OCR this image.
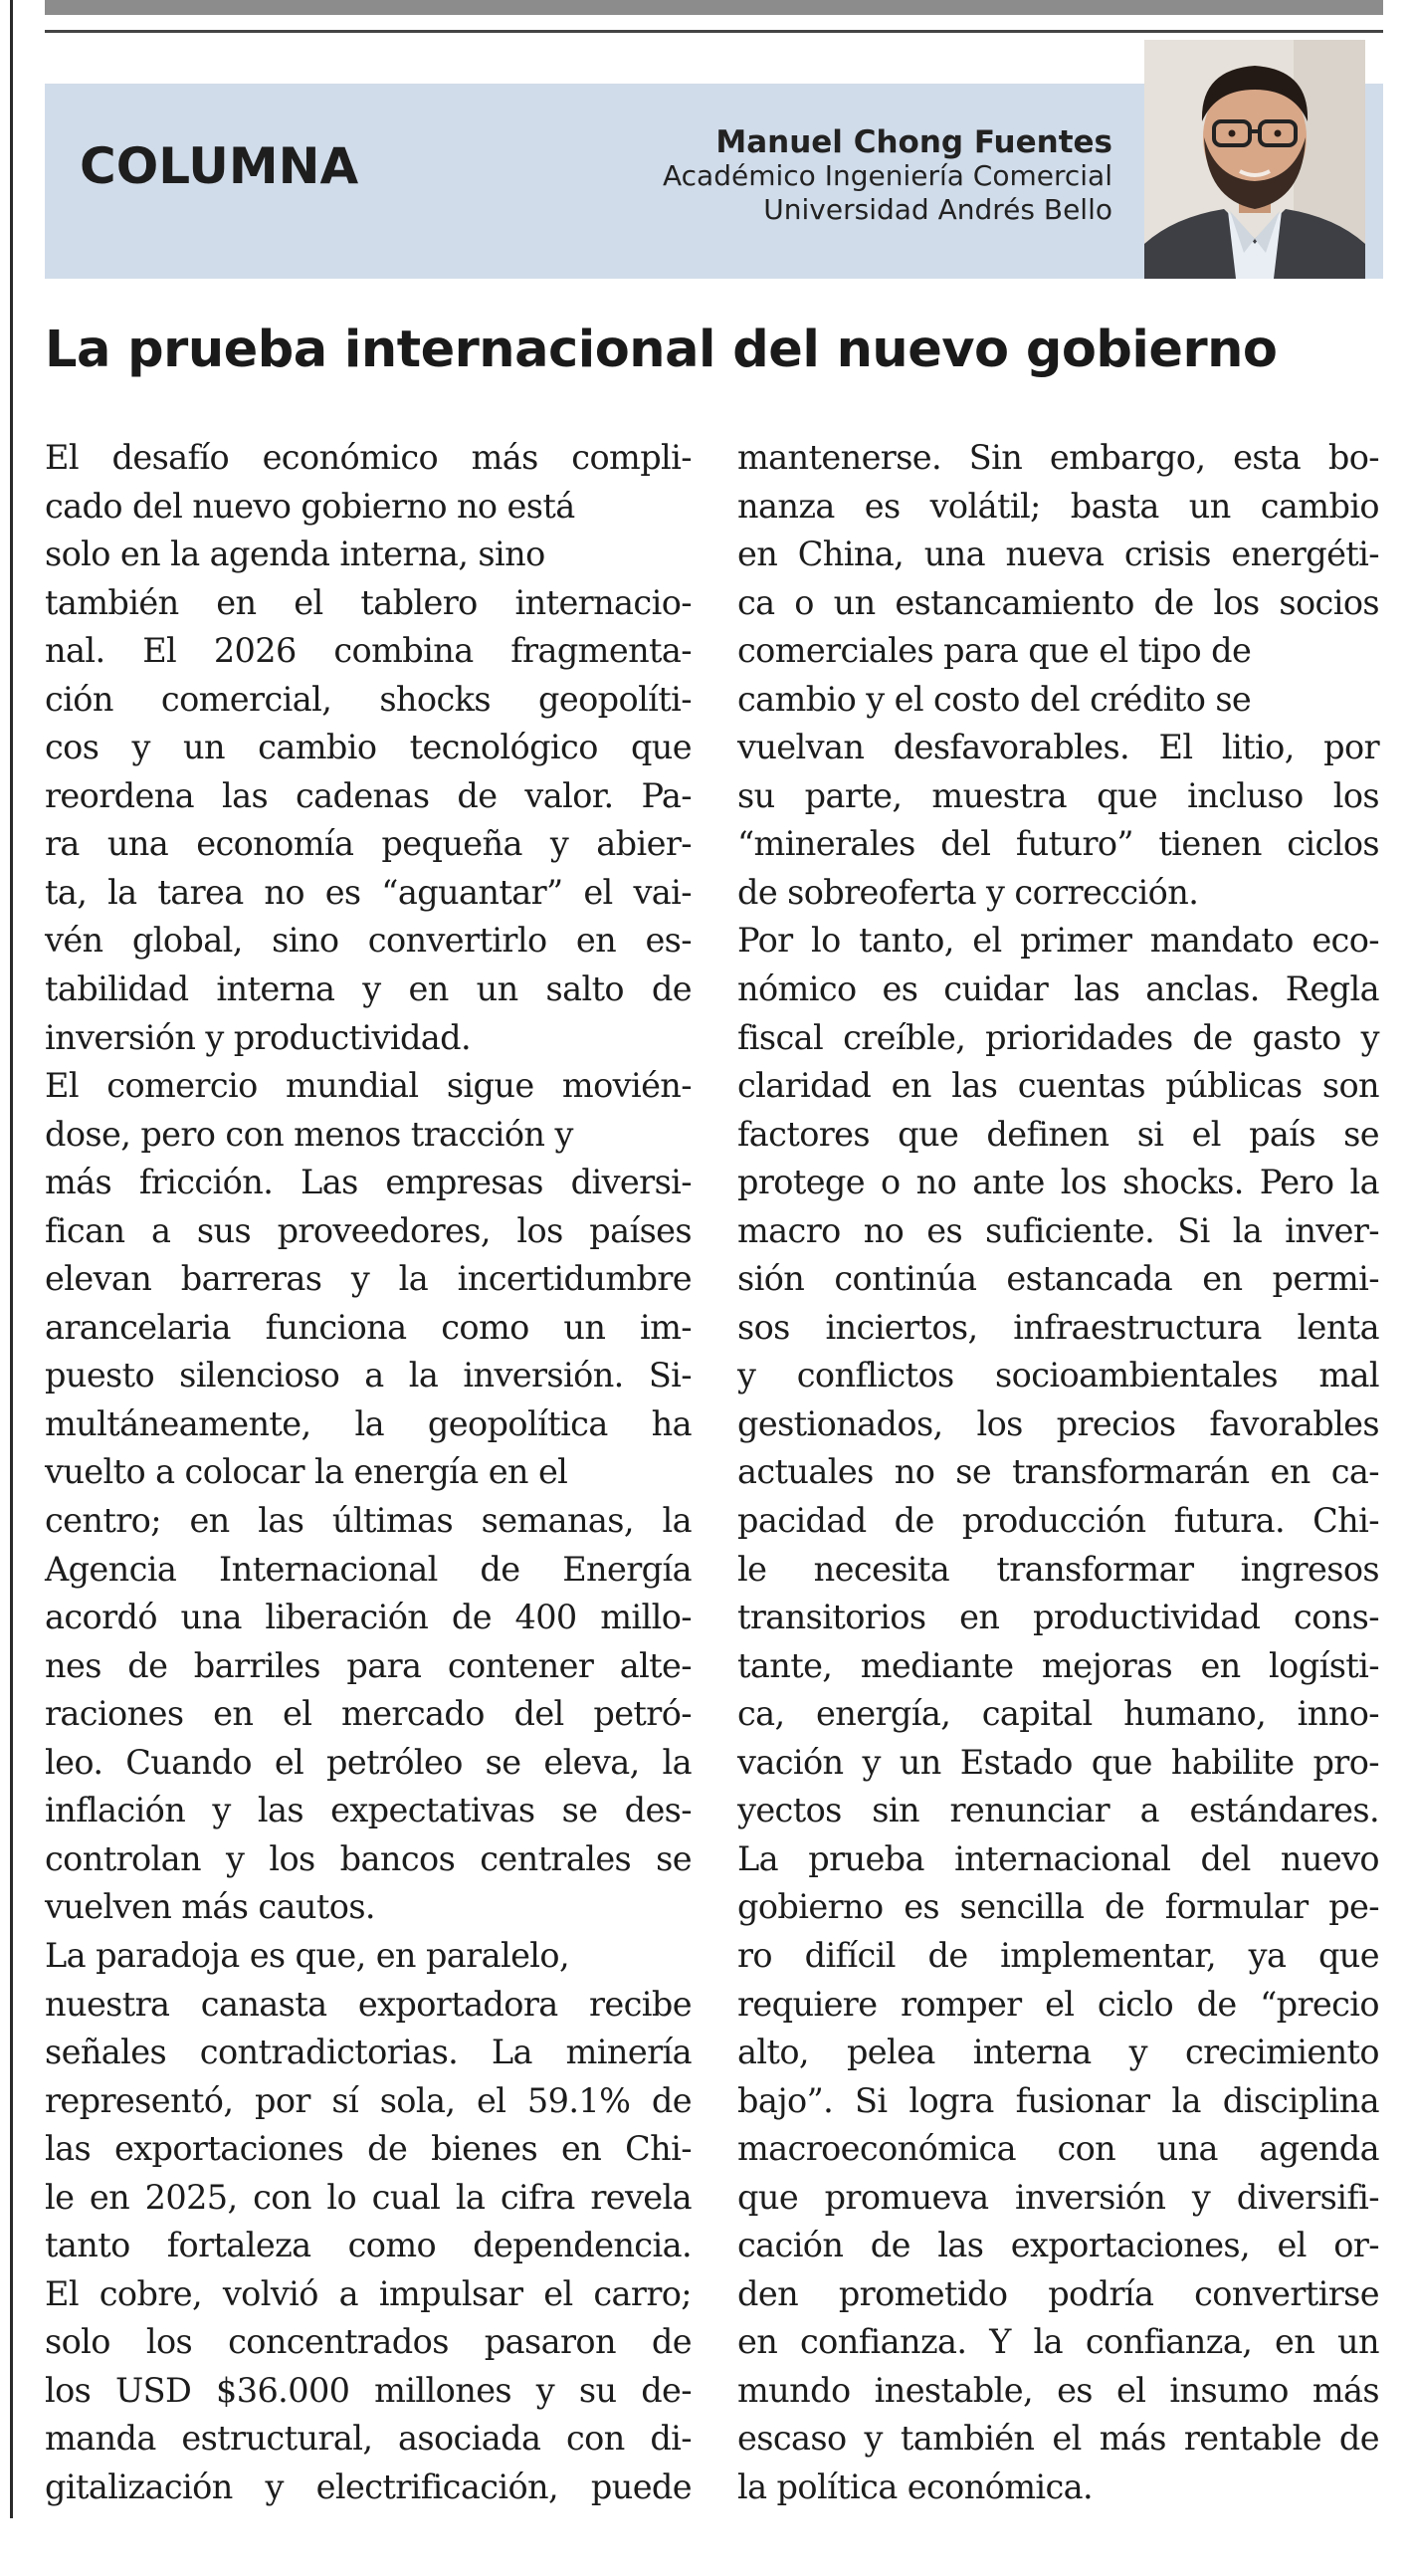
COLUMNA	Manuel Chong Fuentes
Académico Ingeniería Comercial
Universidad Andrés Bello
La prueba internacional del nuevo gobierno
El desafío económico más compli-
cado del nuevo gobierno no está
solo en la agenda interna, sino
también en el tablero internacio-
nal. El 2026 combina fragmenta-
ción comercial, shocks geopolíti-
cos y un cambio tecnológico que
reordena las cadenas de valor. Pa-
ra una economía pequeña y abier-
ta, la tarea no es “aguantar” el vai-
vén global, sino convertirlo en es-
tabilidad interna y en un salto de
inversión y productividad.
El comercio mundial sigue movién-
dose, pero con menos tracción y
más fricción. Las empresas diversi-
fican a sus proveedores, los países
elevan barreras y la incertidumbre
arancelaria funciona como un im-
puesto silencioso a la inversión. Si-
multáneamente, la geopolítica ha
vuelto a colocar la energía en el
centro; en las últimas semanas, la
Agencia Internacional de Energía
acordó una liberación de 400 millo-
nes de barriles para contener alte-
raciones en el mercado del petró-
leo. Cuando el petróleo se eleva, la
inflación y las expectativas se des-
controlan y los bancos centrales se
vuelven más cautos.
La paradoja es que, en paralelo,
nuestra canasta exportadora recibe
señales contradictorias. La minería
representó, por sí sola, el 59.1% de
las exportaciones de bienes en Chi-
le en 2025, con lo cual la cifra revela
tanto fortaleza como dependencia.
El cobre, volvió a impulsar el carro;
solo los concentrados pasaron de
los USD $36.000 millones y su de-
manda estructural, asociada con di-
gitalización y electrificación, puede
mantenerse. Sin embargo, esta bo-
nanza es volátil; basta un cambio
en China, una nueva crisis energéti-
ca o un estancamiento de los socios
comerciales para que el tipo de
cambio y el costo del crédito se
vuelvan desfavorables. El litio, por
su parte, muestra que incluso los
“minerales del futuro” tienen ciclos
de sobreoferta y corrección.
Por lo tanto, el primer mandato eco-
nómico es cuidar las anclas. Regla
fiscal creíble, prioridades de gasto y
claridad en las cuentas públicas son
factores que definen si el país se
protege o no ante los shocks. Pero la
macro no es suficiente. Si la inver-
sión continúa estancada en permi-
sos inciertos, infraestructura lenta
y conflictos socioambientales mal
gestionados, los precios favorables
actuales no se transformarán en ca-
pacidad de producción futura. Chi-
le necesita transformar ingresos
transitorios en productividad cons-
tante, mediante mejoras en logísti-
ca, energía, capital humano, inno-
vación y un Estado que habilite pro-
yectos sin renunciar a estándares.
La prueba internacional del nuevo
gobierno es sencilla de formular pe-
ro difícil de implementar, ya que
requiere romper el ciclo de “precio
alto, pelea interna y crecimiento
bajo”. Si logra fusionar la disciplina
macroeconómica con una agenda
que promueva inversión y diversifi-
cación de las exportaciones, el or-
den prometido podría convertirse
en confianza. Y la confianza, en un
mundo inestable, es el insumo más
escaso y también el más rentable de
la política económica.
